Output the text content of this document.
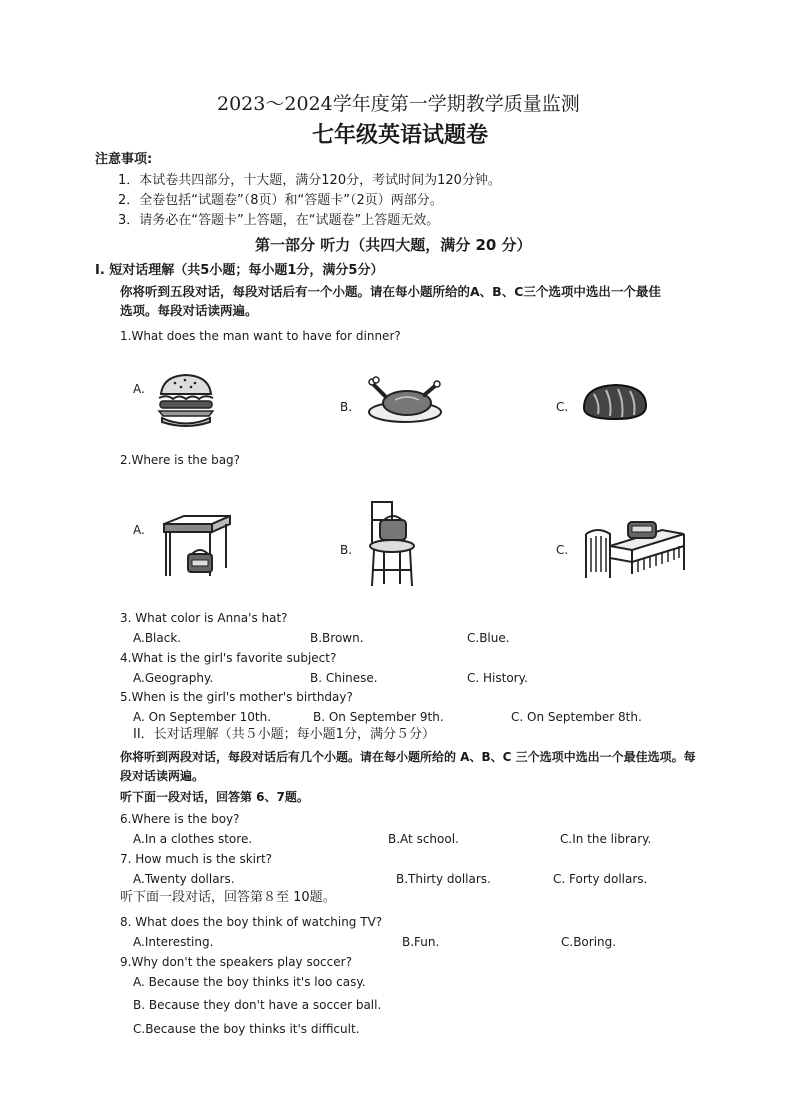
2023～2024学年度第一学期教学质量监测
七年级英语试题卷
注意事项:
1．本试卷共四部分，十大题，满分120分，考试时间为120分钟。
2．全卷包括“试题卷”（8页）和“答题卡”（2页）两部分。
3．请务必在“答题卡”上答题，在“试题卷”上答题无效。
第一部分 听力（共四大题，满分 20 分）
I. 短对话理解（共5小题；每小题1分，满分5分）
你将听到五段对话，每段对话后有一个小题。请在每小题所给的A、B、C三个选项中选出一个最佳
选项。每段对话读两遍。
1.What does the man want to have for dinner?
A.
B.	C.
2.Where is the bag?
A.
B.	C.
3. What color is Anna's hat?
A.Black.	B.Brown.	C.Blue.
4.What is the girl's favorite subject?
A.Geography.	B. Chinese.	C. History.
5.When is the girl's mother's birthday?
A. On September 10th.	B. On September 9th.	C. On September 8th.
II．长对话理解（共５小题；每小题1分，满分５分）
你将听到两段对话，每段对话后有几个小题。请在每小题所给的 A、B、C 三个选项中选出一个最佳选项。每
段对话读两遍。
听下面一段对话，回答第 6、7题。
6.Where is the boy?
A.In a clothes store.	B.At school.	C.In the library.
7. How much is the skirt?
A.Twenty dollars.	B.Thirty dollars.	C. Forty dollars.
听下面一段对话，回答第８至 10题。
8. What does the boy think of watching TV?
A.Interesting.	B.Fun.	C.Boring.
9.Why don't the speakers play soccer?
A. Because the boy thinks it's loo casy.
B. Because they don't have a soccer ball.
C.Because the boy thinks it's difficult.
